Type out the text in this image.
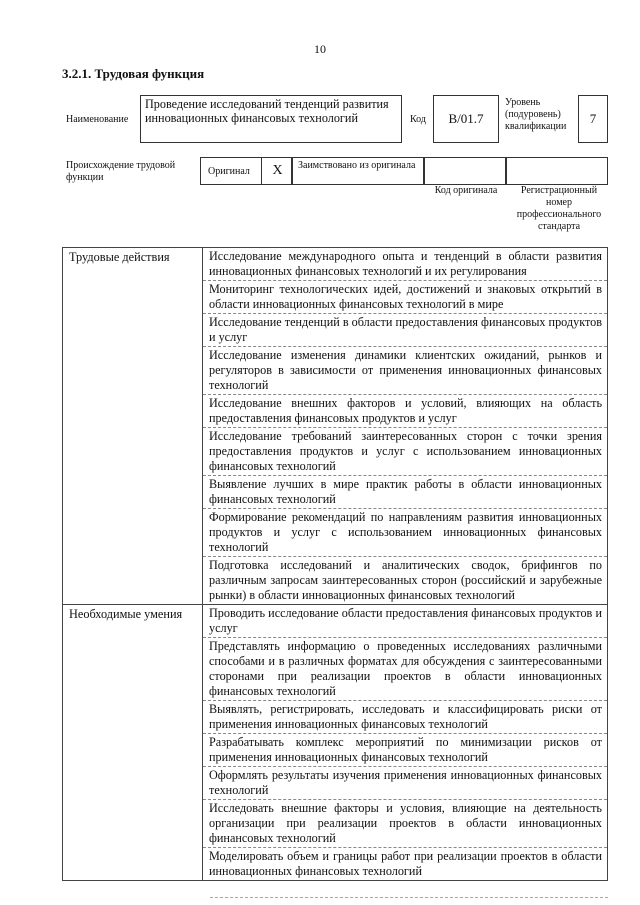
10
3.2.1. Трудовая функция
Наименование
Проведение исследований тенденций развития инновационных финансовых технологий	Код	B/01.7
Уровень (подуровень) квалификации
7
Происхождение трудовой функции
Оригинал	X	Заимствовано из оригинала
Код оригинала	Регистрационный номер профессионального стандарта
Трудовые действия	Исследование международного опыта и тенденций в области развития инновационных финансовых технологий и их регулирования
Мониторинг технологических идей, достижений и знаковых открытий в области инновационных финансовых технологий в мире
Исследование тенденций в области предоставления финансовых продуктов и услуг
Исследование изменения динамики клиентских ожиданий, рынков и регуляторов в зависимости от применения инновационных финансовых технологий
Исследование внешних факторов и условий, влияющих на область предоставления финансовых продуктов и услуг
Исследование требований заинтересованных сторон с точки зрения предоставления продуктов и услуг с использованием инновационных финансовых технологий
Выявление лучших в мире практик работы в области инновационных финансовых технологий
Формирование рекомендаций по направлениям развития инновационных продуктов и услуг с использованием инновационных финансовых технологий
Подготовка исследований и аналитических сводок, брифингов по различным запросам заинтересованных сторон (российский и зарубежные рынки) в области инновационных финансовых технологий
Необходимые умения	Проводить исследование области предоставления финансовых продуктов и услуг
Представлять информацию о проведенных исследованиях различными способами и в различных форматах для обсуждения с заинтересованными сторонами при реализации проектов в области инновационных финансовых технологий
Выявлять, регистрировать, исследовать и классифицировать риски от применения инновационных финансовых технологий
Разрабатывать комплекс мероприятий по минимизации рисков от применения инновационных финансовых технологий
Оформлять результаты изучения применения инновационных финансовых технологий
Исследовать внешние факторы и условия, влияющие на деятельность организации при реализации проектов в области инновационных финансовых технологий
Моделировать объем и границы работ при реализации проектов в области инновационных финансовых технологий
